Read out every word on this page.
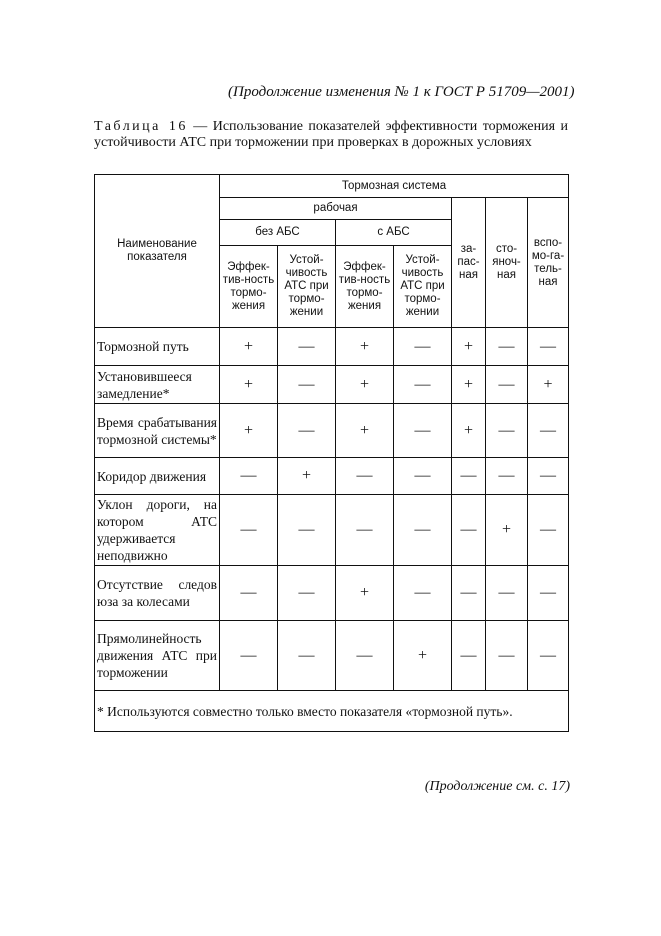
(Продолжение изменения № 1 к ГОСТ Р 51709—2001)
Таблица 16 — Использование показателей эффективности торможения и устойчивости АТС при торможении при проверках в дорожных условиях
Наименование показателя	Тормозная система						
	рабочая				за-пас-ная	сто-яноч-ная	вспо-мо-га-тель-ная
	без АБС		с АБС				
	Эффек-тив-ность тормо-жения	Устой-чивость АТС при тормо-жении	Эффек-тив-ность тормо-жения	Устой-чивость АТС при тормо-жении			
Тормозной путь	+	—	+	—	+	—	—
Установившееся замедление*	+	—	+	—	+	—	+
Время срабатывания тормозной системы*	+	—	+	—	+	—	—
Коридор движения	—	+	—	—	—	—	—
Уклон дороги, на котором АТС удерживается неподвижно	—	—	—	—	—	+	—
Отсутствие следов юза за колесами	—	—	+	—	—	—	—
Прямолинейность движения АТС при торможении	—	—	—	+	—	—	—
* Используются совместно только вместо показателя «тормозной путь».							
(Продолжение см. с. 17)
